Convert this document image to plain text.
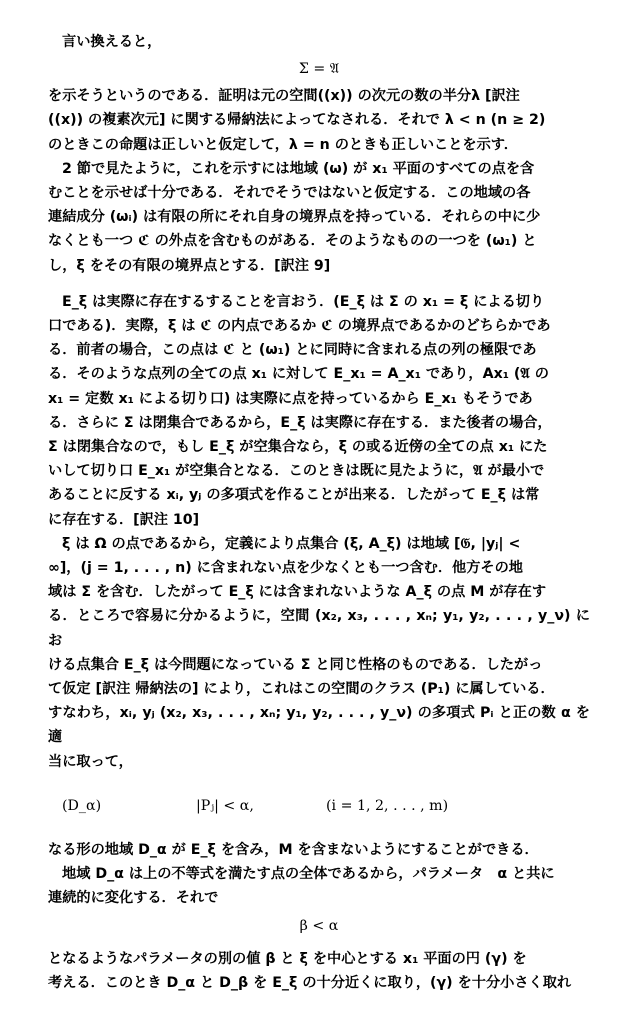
言い換えると，

Σ = 𝔄

を示そうというのである．証明は元の空間((x)) の次元の数の半分λ [訳注
((x)) の複素次元] に関する帰納法によってなされる．それで λ < n (n ≥ 2)
のときこの命題は正しいと仮定して，λ = n のときも正しいことを示す．

2 節で見たように，これを示すには地域 (ω) が x₁ 平面のすべての点を含
むことを示せば十分である．それでそうではないと仮定する．この地域の各
連結成分 (ωᵢ) は有限の所にそれ自身の境界点を持っている．それらの中に少
なくとも一つ ℭ の外点を含むものがある．そのようなものの一つを (ω₁) と
し，ξ をその有限の境界点とする．[訳注 9]

E_ξ は実際に存在するすることを言おう．(E_ξ は Σ の x₁ = ξ による切り
口である)．実際，ξ は ℭ の内点であるか ℭ の境界点であるかのどちらかであ
る．前者の場合，この点は ℭ と (ω₁) とに同時に含まれる点の列の極限であ
る．そのような点列の全ての点 x₁ に対して E_x₁ = A_x₁ であり，Ax₁ (𝔄 の
x₁ = 定数 x₁ による切り口) は実際に点を持っているから E_x₁ もそうであ
る．さらに Σ は閉集合であるから，E_ξ は実際に存在する．また後者の場合，
Σ は閉集合なので，もし E_ξ が空集合なら，ξ の或る近傍の全ての点 x₁ にた
いして切り口 E_x₁ が空集合となる．このときは既に見たように，𝔄 が最小で
あることに反する xᵢ, yⱼ の多項式を作ることが出来る．したがって E_ξ は常
に存在する．[訳注 10]

ξ は Ω の点であるから，定義により点集合 (ξ, A_ξ) は地域 [𝔊, |yⱼ| <
∞]，(j = 1, . . . , n) に含まれない点を少なくとも一つ含む．他方その地
域は Σ を含む．したがって E_ξ には含まれないような A_ξ の点 M が存在す
る．ところで容易に分かるように，空間 (x₂, x₃, . . . , xₙ; y₁, y₂, . . . , y_ν) にお
ける点集合 E_ξ は今問題になっている Σ と同じ性格のものである．したがっ
て仮定 [訳注 帰納法の] により，これはこの空間のクラス (P₁) に属している．
すなわち，xᵢ, yⱼ (x₂, x₃, . . . , xₙ; y₁, y₂, . . . , y_ν) の多項式 Pᵢ と正の数 α を適
当に取って，

(D_α)	|Pⱼ| < α,	(i = 1, 2, . . . , m)

なる形の地域 D_α が E_ξ を含み，M を含まないようにすることができる．

地域 D_α は上の不等式を満たす点の全体であるから，パラメータ　α と共に
連続的に変化する．それで

β < α

となるようなパラメータの別の値 β と ξ を中心とする x₁ 平面の円 (γ) を
考える．このとき D_α と D_β を E_ξ の十分近くに取り，(γ) を十分小さく取れ
